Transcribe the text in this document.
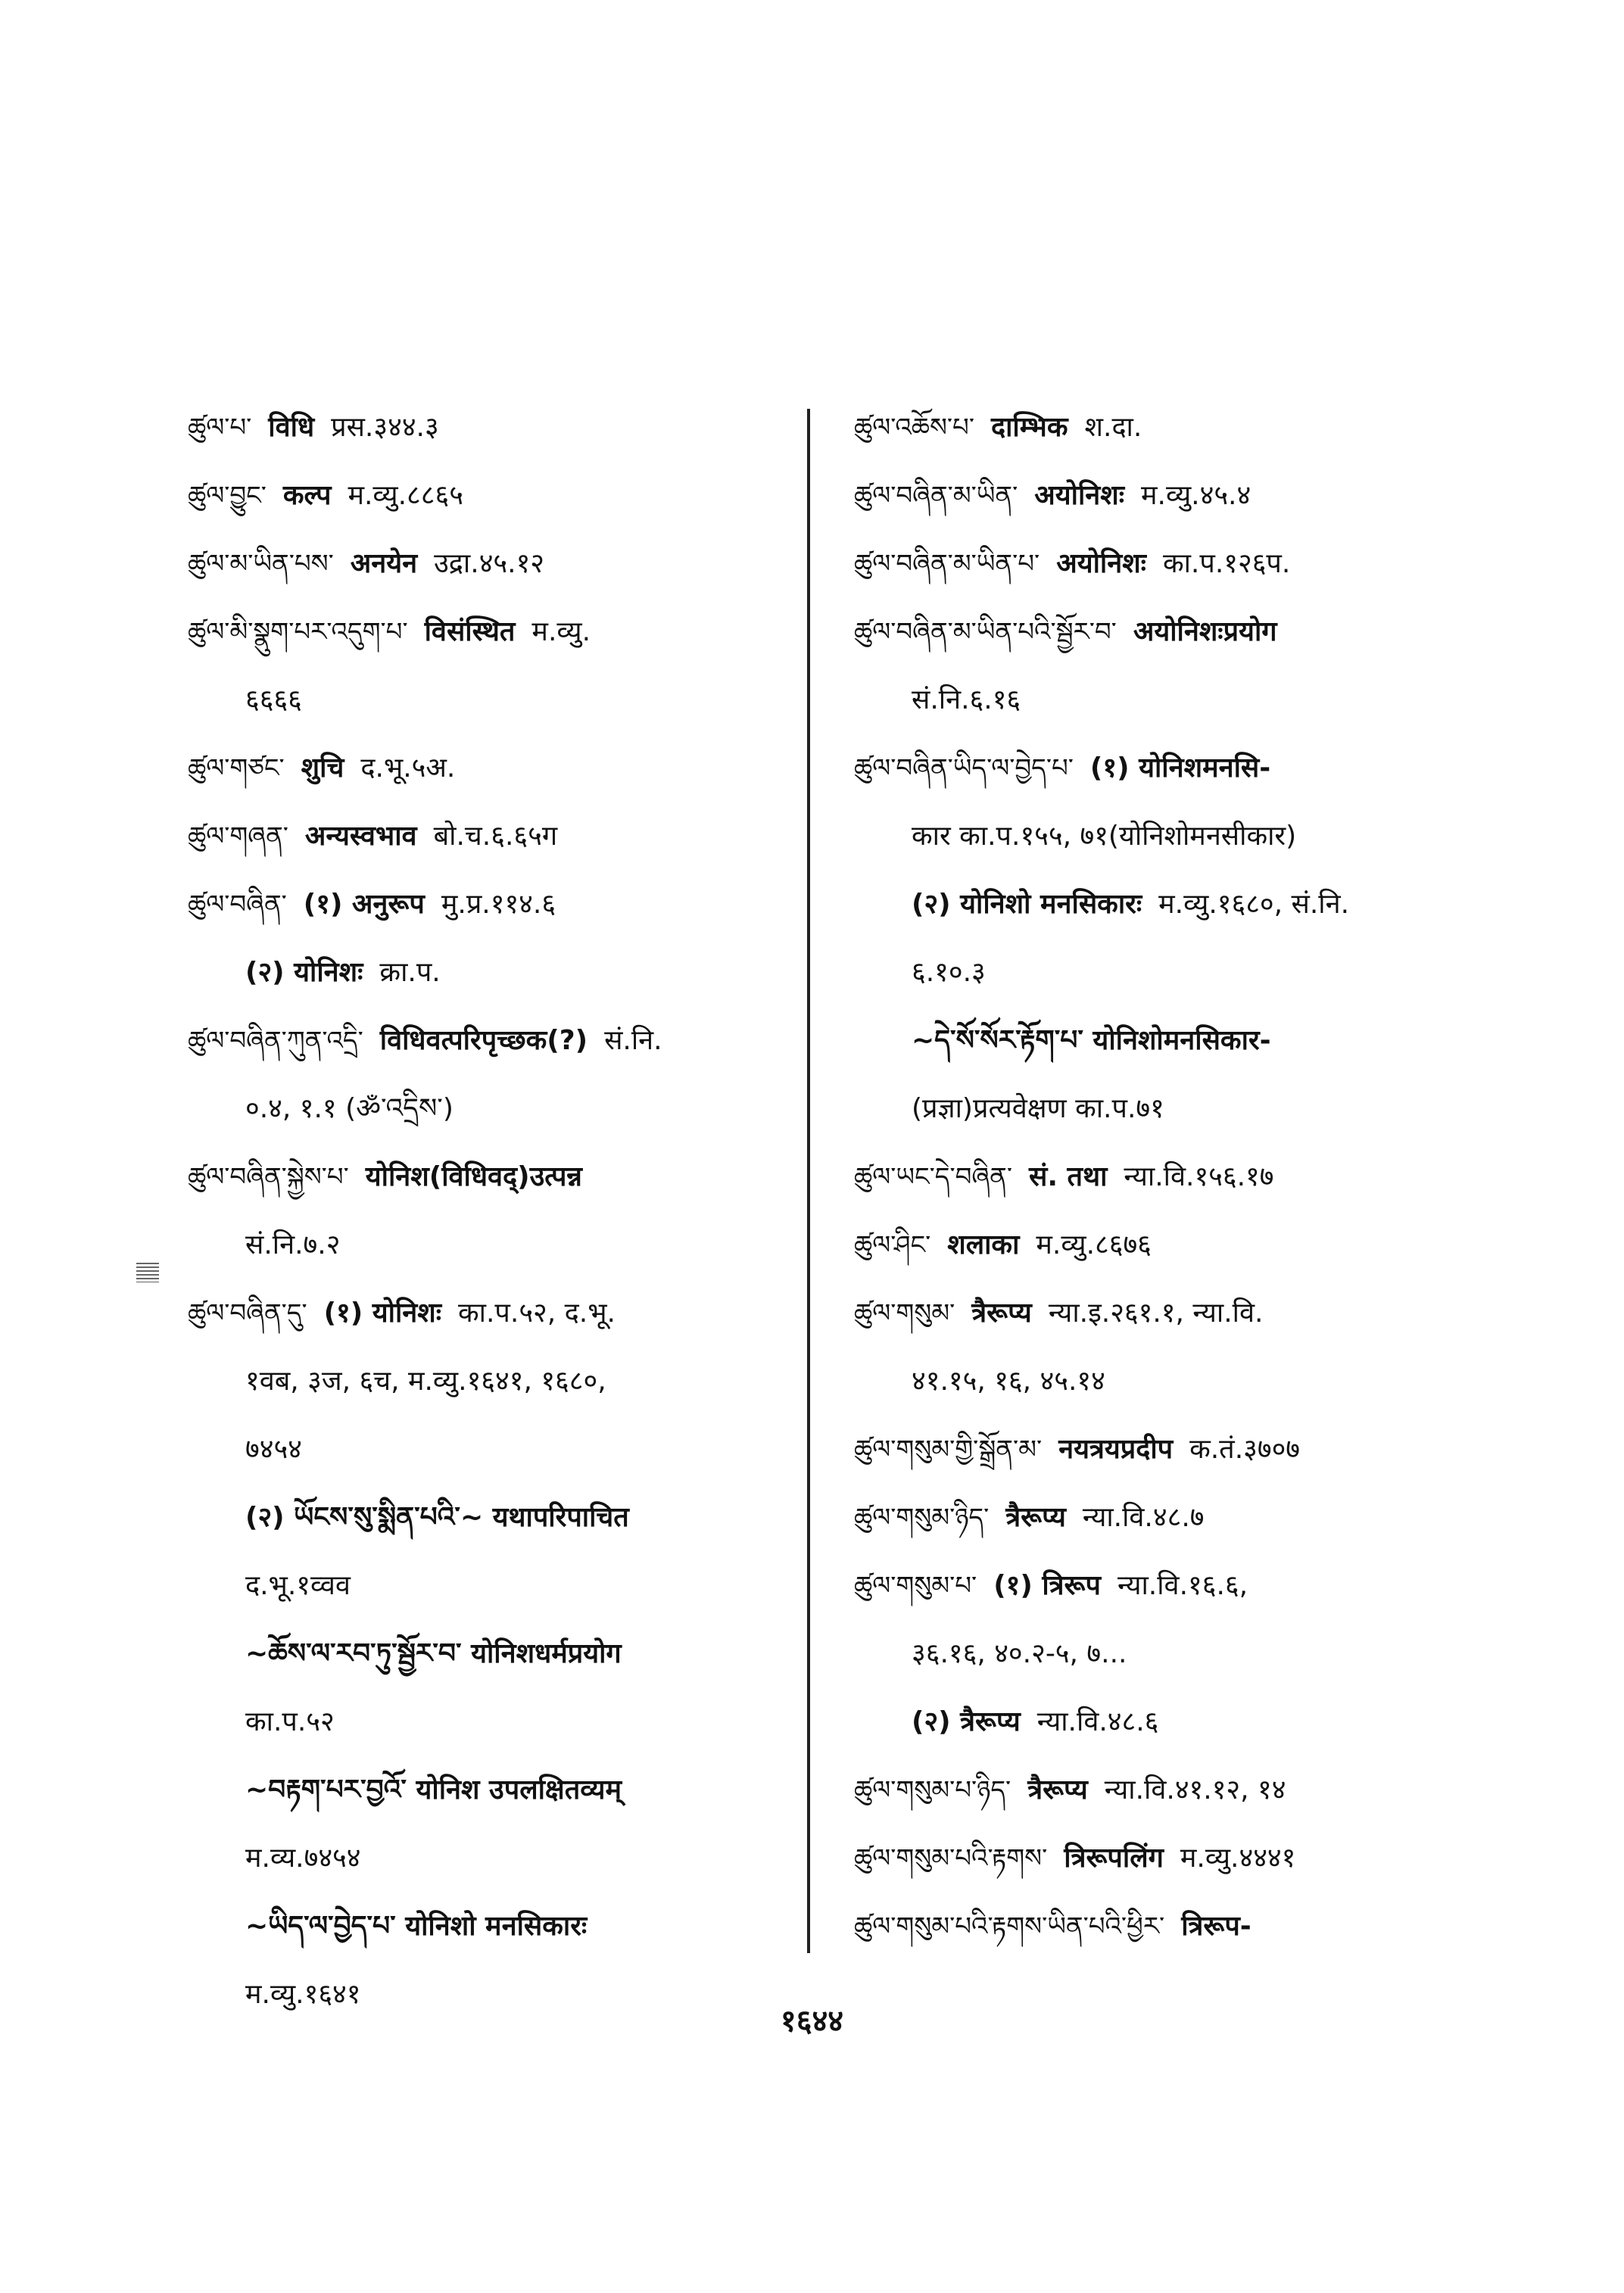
ཚུལ་པ་ विधि प्रस.३४४.३
ཚུལ་བྱུང་ कल्प म.व्यु.८८६५
ཚུལ་མ་ཡིན་པས་ अनयेन उद्रा.४५.१२
ཚུལ་མི་སྣུག་པར་འདུག་པ་ विसंस्थित म.व्यु.
६६६६
ཚུལ་གཙང་ शुचि द.भू.५अ.
ཚུལ་གཞན་ अन्यस्वभाव बो.च.६.६५ग
ཚུལ་བཞིན་ (१) अनुरूप मु.प्र.११४.६
(२) योनिशः क्रा.प.
ཚུལ་བཞིན་ཀུན་འདྲི་ विधिवत्परिपृच्छक(?) सं.नि.
०.४, १.१ (ॐ་འདྲིས་)
ཚུལ་བཞིན་སྐྱེས་པ་ योनिश(विधिवद्)उत्पन्न
सं.नि.७.२
ཚུལ་བཞིན་དུ་ (१) योनिशः का.प.५२, द.भू.
१वब, ३ज, ६च, म.व्यु.१६४१, १६८०,
७४५४
(२) ཡོངས་སུ་སྨིན་པའི་~ यथापरिपाचित
द.भू.१व्वव
~ཆོས་ལ་རབ་ཏུ་སྦྱོར་བ་ योनिशधर्मप्रयोग
का.प.५२
~བརྟག་པར་བྱའོ་ योनिश उपलक्षितव्यम्
म.व्य.७४५४
~ཡིད་ལ་བྱེད་པ་ योनिशो मनसिकारः
म.व्यु.१६४१
ཚུལ་འཆོས་པ་ दाम्भिक श.दा.
ཚུལ་བཞིན་མ་ཡིན་ अयोनिशः म.व्यु.४५.४
ཚུལ་བཞིན་མ་ཡིན་པ་ अयोनिशः का.प.१२६प.
ཚུལ་བཞིན་མ་ཡིན་པའི་སྦྱོར་བ་ अयोनिशःप्रयोग
सं.नि.६.१६
ཚུལ་བཞིན་ཡིད་ལ་བྱེད་པ་ (१) योनिशमनसि-
कार का.प.१५५, ७१(योनिशोमनसीकार)
(२) योनिशो मनसिकारः म.व्यु.१६८०, सं.नि.
६.१०.३
~དེ་སོ་སོར་རྟོག་པ་ योनिशोमनसिकार-
(प्रज्ञा)प्रत्यवेक्षण का.प.७१
ཚུལ་ཡང་དེ་བཞིན་ सं. तथा न्या.वि.१५६.१७
ཚུལ་ཤིང་ शलाका म.व्यु.८६७६
ཚུལ་གསུམ་ त्रैरूप्य न्या.इ.२६१.१, न्या.वि.
४१.१५, १६, ४५.१४
ཚུལ་གསུམ་གྱི་སྒྲོན་མ་ नयत्रयप्रदीप क.तं.३७०७
ཚུལ་གསུམ་ཉིད་ त्रैरूप्य न्या.वि.४८.७
ཚུལ་གསུམ་པ་ (१) त्रिरूप न्या.वि.१६.६,
३६.१६, ४०.२-५, ७...
(२) त्रैरूप्य न्या.वि.४८.६
ཚུལ་གསུམ་པ་ཉིད་ त्रैरूप्य न्या.वि.४१.१२, १४
ཚུལ་གསུམ་པའི་རྟགས་ त्रिरूपलिंग म.व्यु.४४४१
ཚུལ་གསུམ་པའི་རྟགས་ཡིན་པའི་ཕྱིར་ त्रिरूप-
१६४४
